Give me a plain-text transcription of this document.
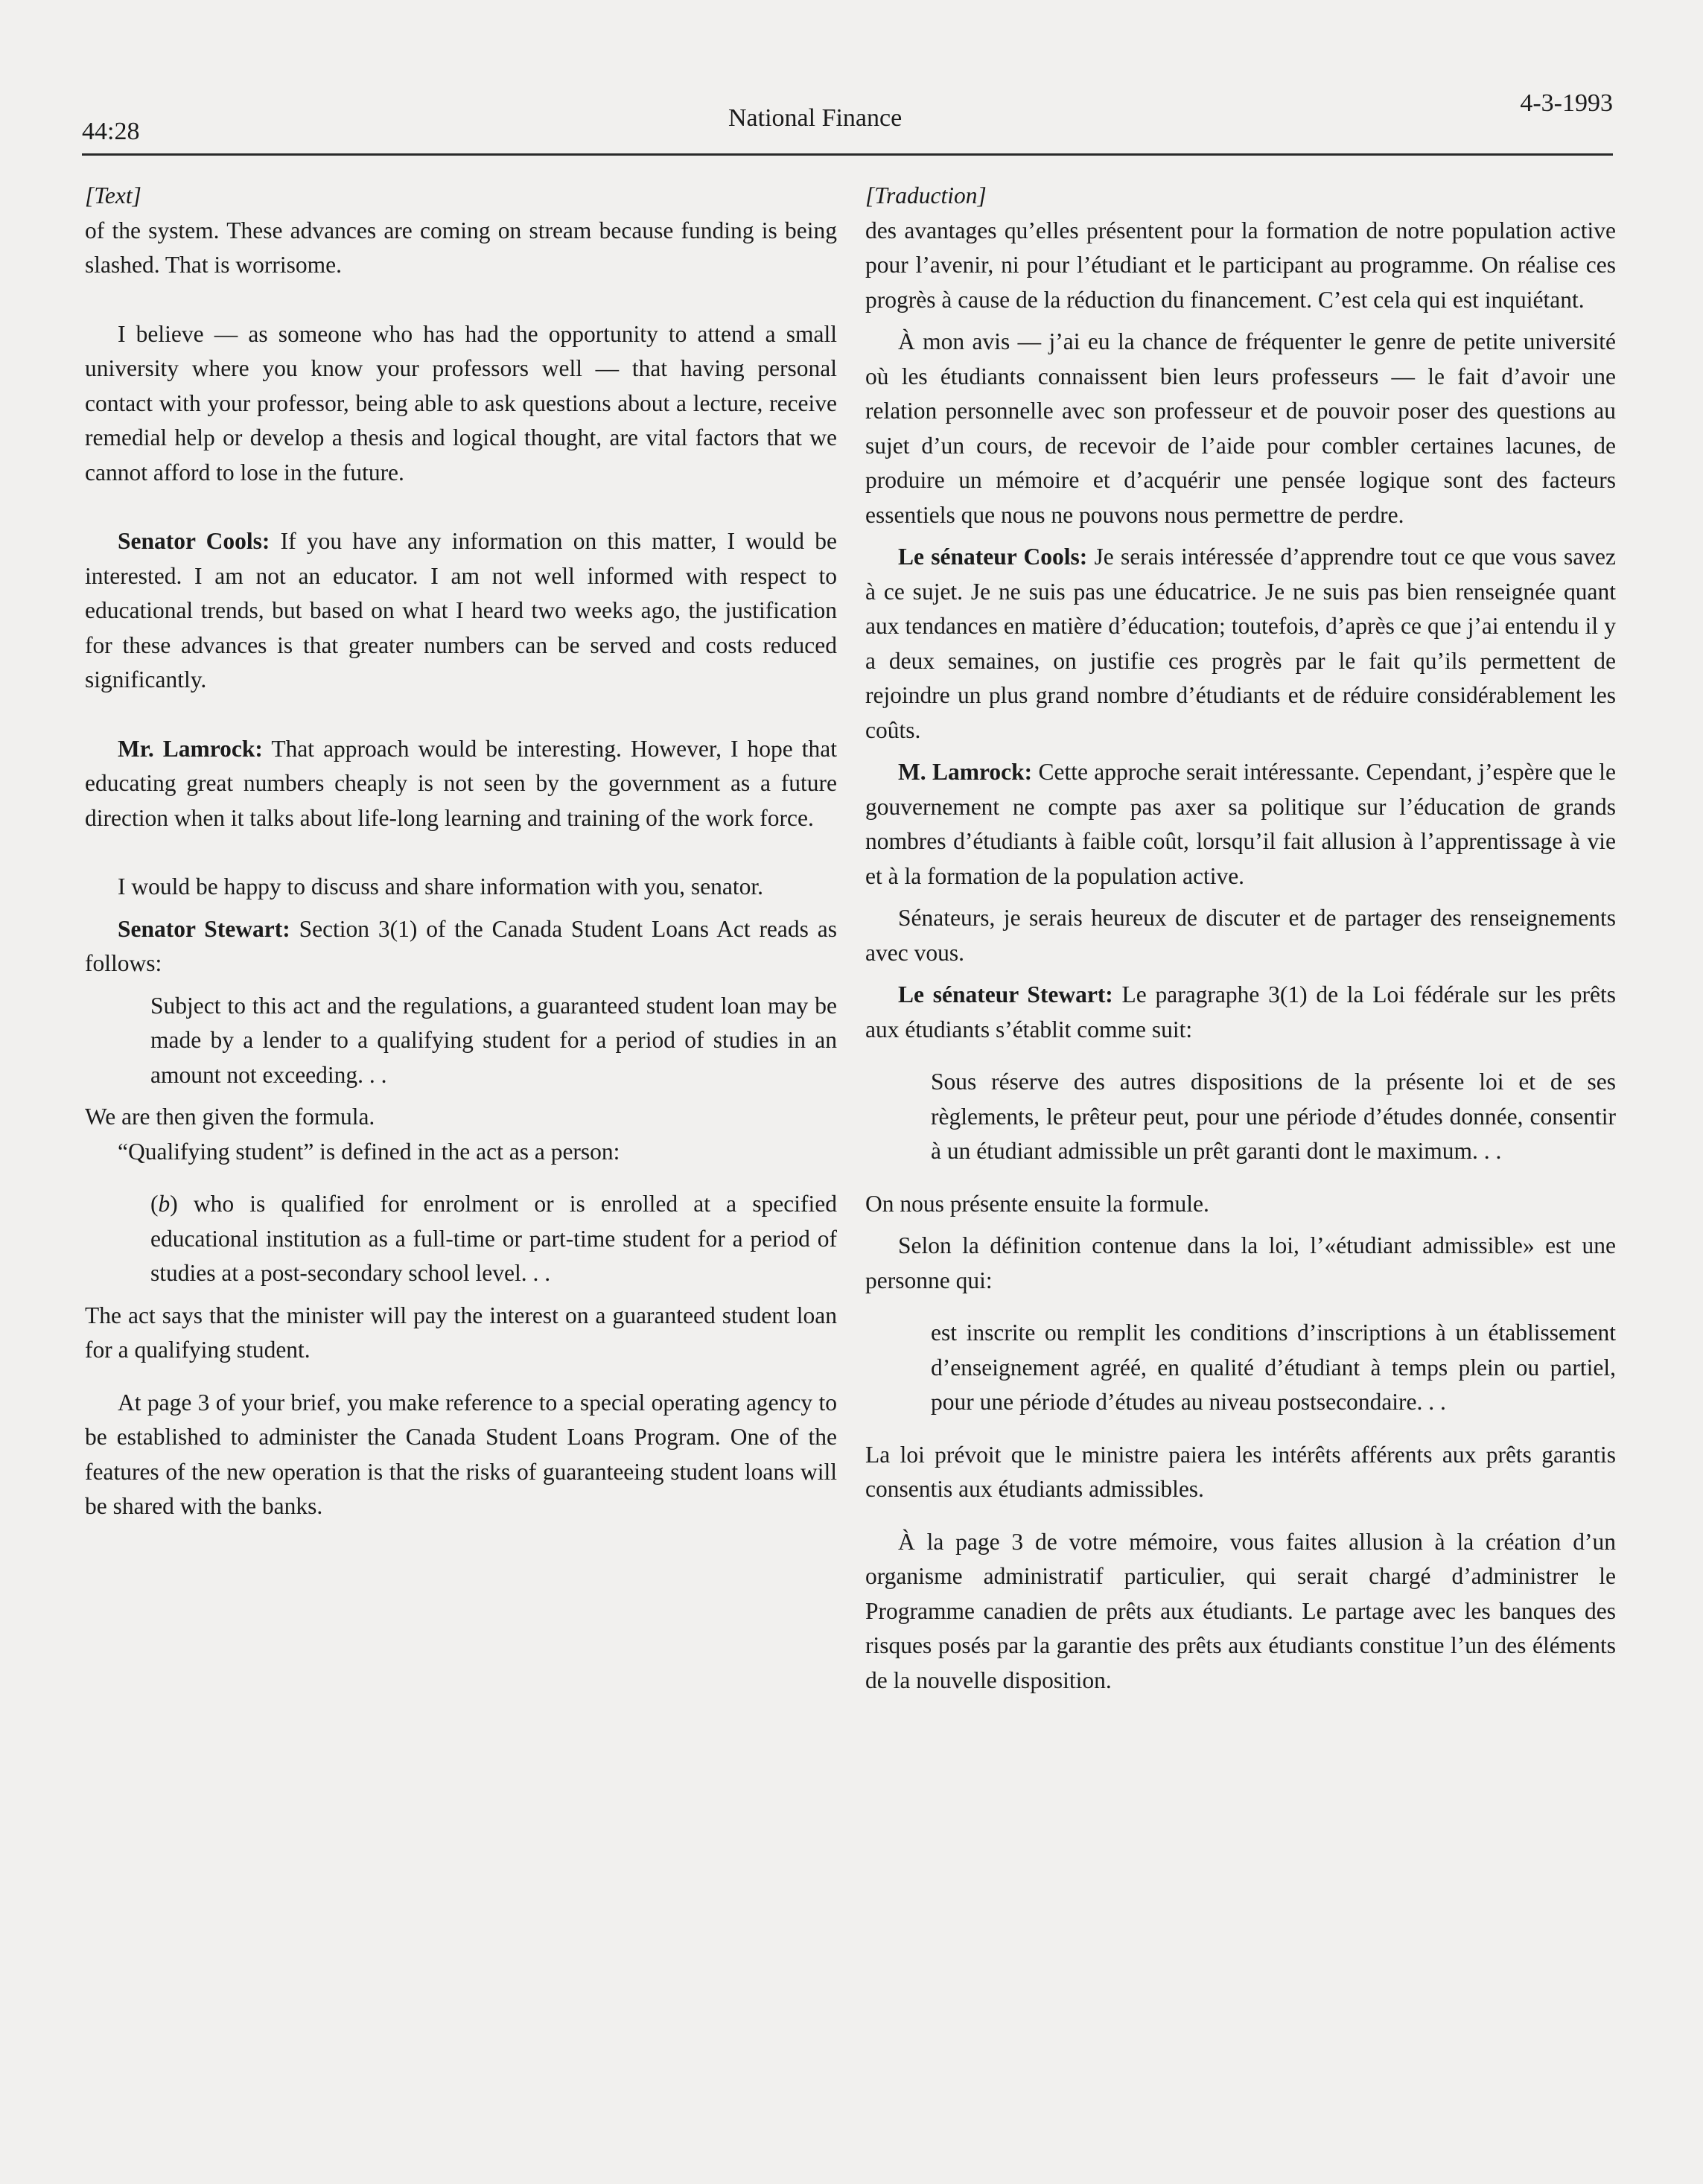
44:28	National Finance
4-3-1993

[Text]

of the system. These advances are coming on stream because funding is being slashed. That is worrisome.

I believe — as someone who has had the opportunity to attend a small university where you know your professors well — that having personal contact with your professor, being able to ask questions about a lecture, receive remedial help or develop a thesis and logical thought, are vital factors that we cannot afford to lose in the future.

Senator Cools: If you have any information on this matter, I would be interested. I am not an educator. I am not well informed with respect to educational trends, but based on what I heard two weeks ago, the justification for these advances is that greater numbers can be served and costs reduced significantly.

Mr. Lamrock: That approach would be interesting. However, I hope that educating great numbers cheaply is not seen by the government as a future direction when it talks about life-long learning and training of the work force.

I would be happy to discuss and share information with you, senator.

Senator Stewart: Section 3(1) of the Canada Student Loans Act reads as follows:

Subject to this act and the regulations, a guaranteed student loan may be made by a lender to a qualifying student for a period of studies in an amount not exceeding. . .

We are then given the formula.

“Qualifying student” is defined in the act as a person:

(b) who is qualified for enrolment or is enrolled at a specified educational institution as a full-time or part-time student for a period of studies at a post-secondary school level. . .

The act says that the minister will pay the interest on a guaranteed student loan for a qualifying student.

At page 3 of your brief, you make reference to a special operating agency to be established to administer the Canada Student Loans Program. One of the features of the new operation is that the risks of guaranteeing student loans will be shared with the banks.

[Traduction]

des avantages qu’elles présentent pour la formation de notre population active pour l’avenir, ni pour l’étudiant et le participant au programme. On réalise ces progrès à cause de la réduction du financement. C’est cela qui est inquiétant.

À mon avis — j’ai eu la chance de fréquenter le genre de petite université où les étudiants connaissent bien leurs professeurs — le fait d’avoir une relation personnelle avec son professeur et de pouvoir poser des questions au sujet d’un cours, de recevoir de l’aide pour combler certaines lacunes, de produire un mémoire et d’acquérir une pensée logique sont des facteurs essentiels que nous ne pouvons nous permettre de perdre.

Le sénateur Cools: Je serais intéressée d’apprendre tout ce que vous savez à ce sujet. Je ne suis pas une éducatrice. Je ne suis pas bien renseignée quant aux tendances en matière d’éducation; toutefois, d’après ce que j’ai entendu il y a deux semaines, on justifie ces progrès par le fait qu’ils permettent de rejoindre un plus grand nombre d’étudiants et de réduire considérablement les coûts.

M. Lamrock: Cette approche serait intéressante. Cependant, j’espère que le gouvernement ne compte pas axer sa politique sur l’éducation de grands nombres d’étudiants à faible coût, lorsqu’il fait allusion à l’apprentissage à vie et à la formation de la population active.

Sénateurs, je serais heureux de discuter et de partager des renseignements avec vous.

Le sénateur Stewart: Le paragraphe 3(1) de la Loi fédérale sur les prêts aux étudiants s’établit comme suit:

Sous réserve des autres dispositions de la présente loi et de ses règlements, le prêteur peut, pour une période d’études donnée, consentir à un étudiant admissible un prêt garanti dont le maximum. . .

On nous présente ensuite la formule.

Selon la définition contenue dans la loi, l’«étudiant admissible» est une personne qui:

est inscrite ou remplit les conditions d’inscriptions à un établissement d’enseignement agréé, en qualité d’étudiant à temps plein ou partiel, pour une période d’études au niveau postsecondaire. . .

La loi prévoit que le ministre paiera les intérêts afférents aux prêts garantis consentis aux étudiants admissibles.

À la page 3 de votre mémoire, vous faites allusion à la création d’un organisme administratif particulier, qui serait chargé d’administrer le Programme canadien de prêts aux étudiants. Le partage avec les banques des risques posés par la garantie des prêts aux étudiants constitue l’un des éléments de la nouvelle disposition.
